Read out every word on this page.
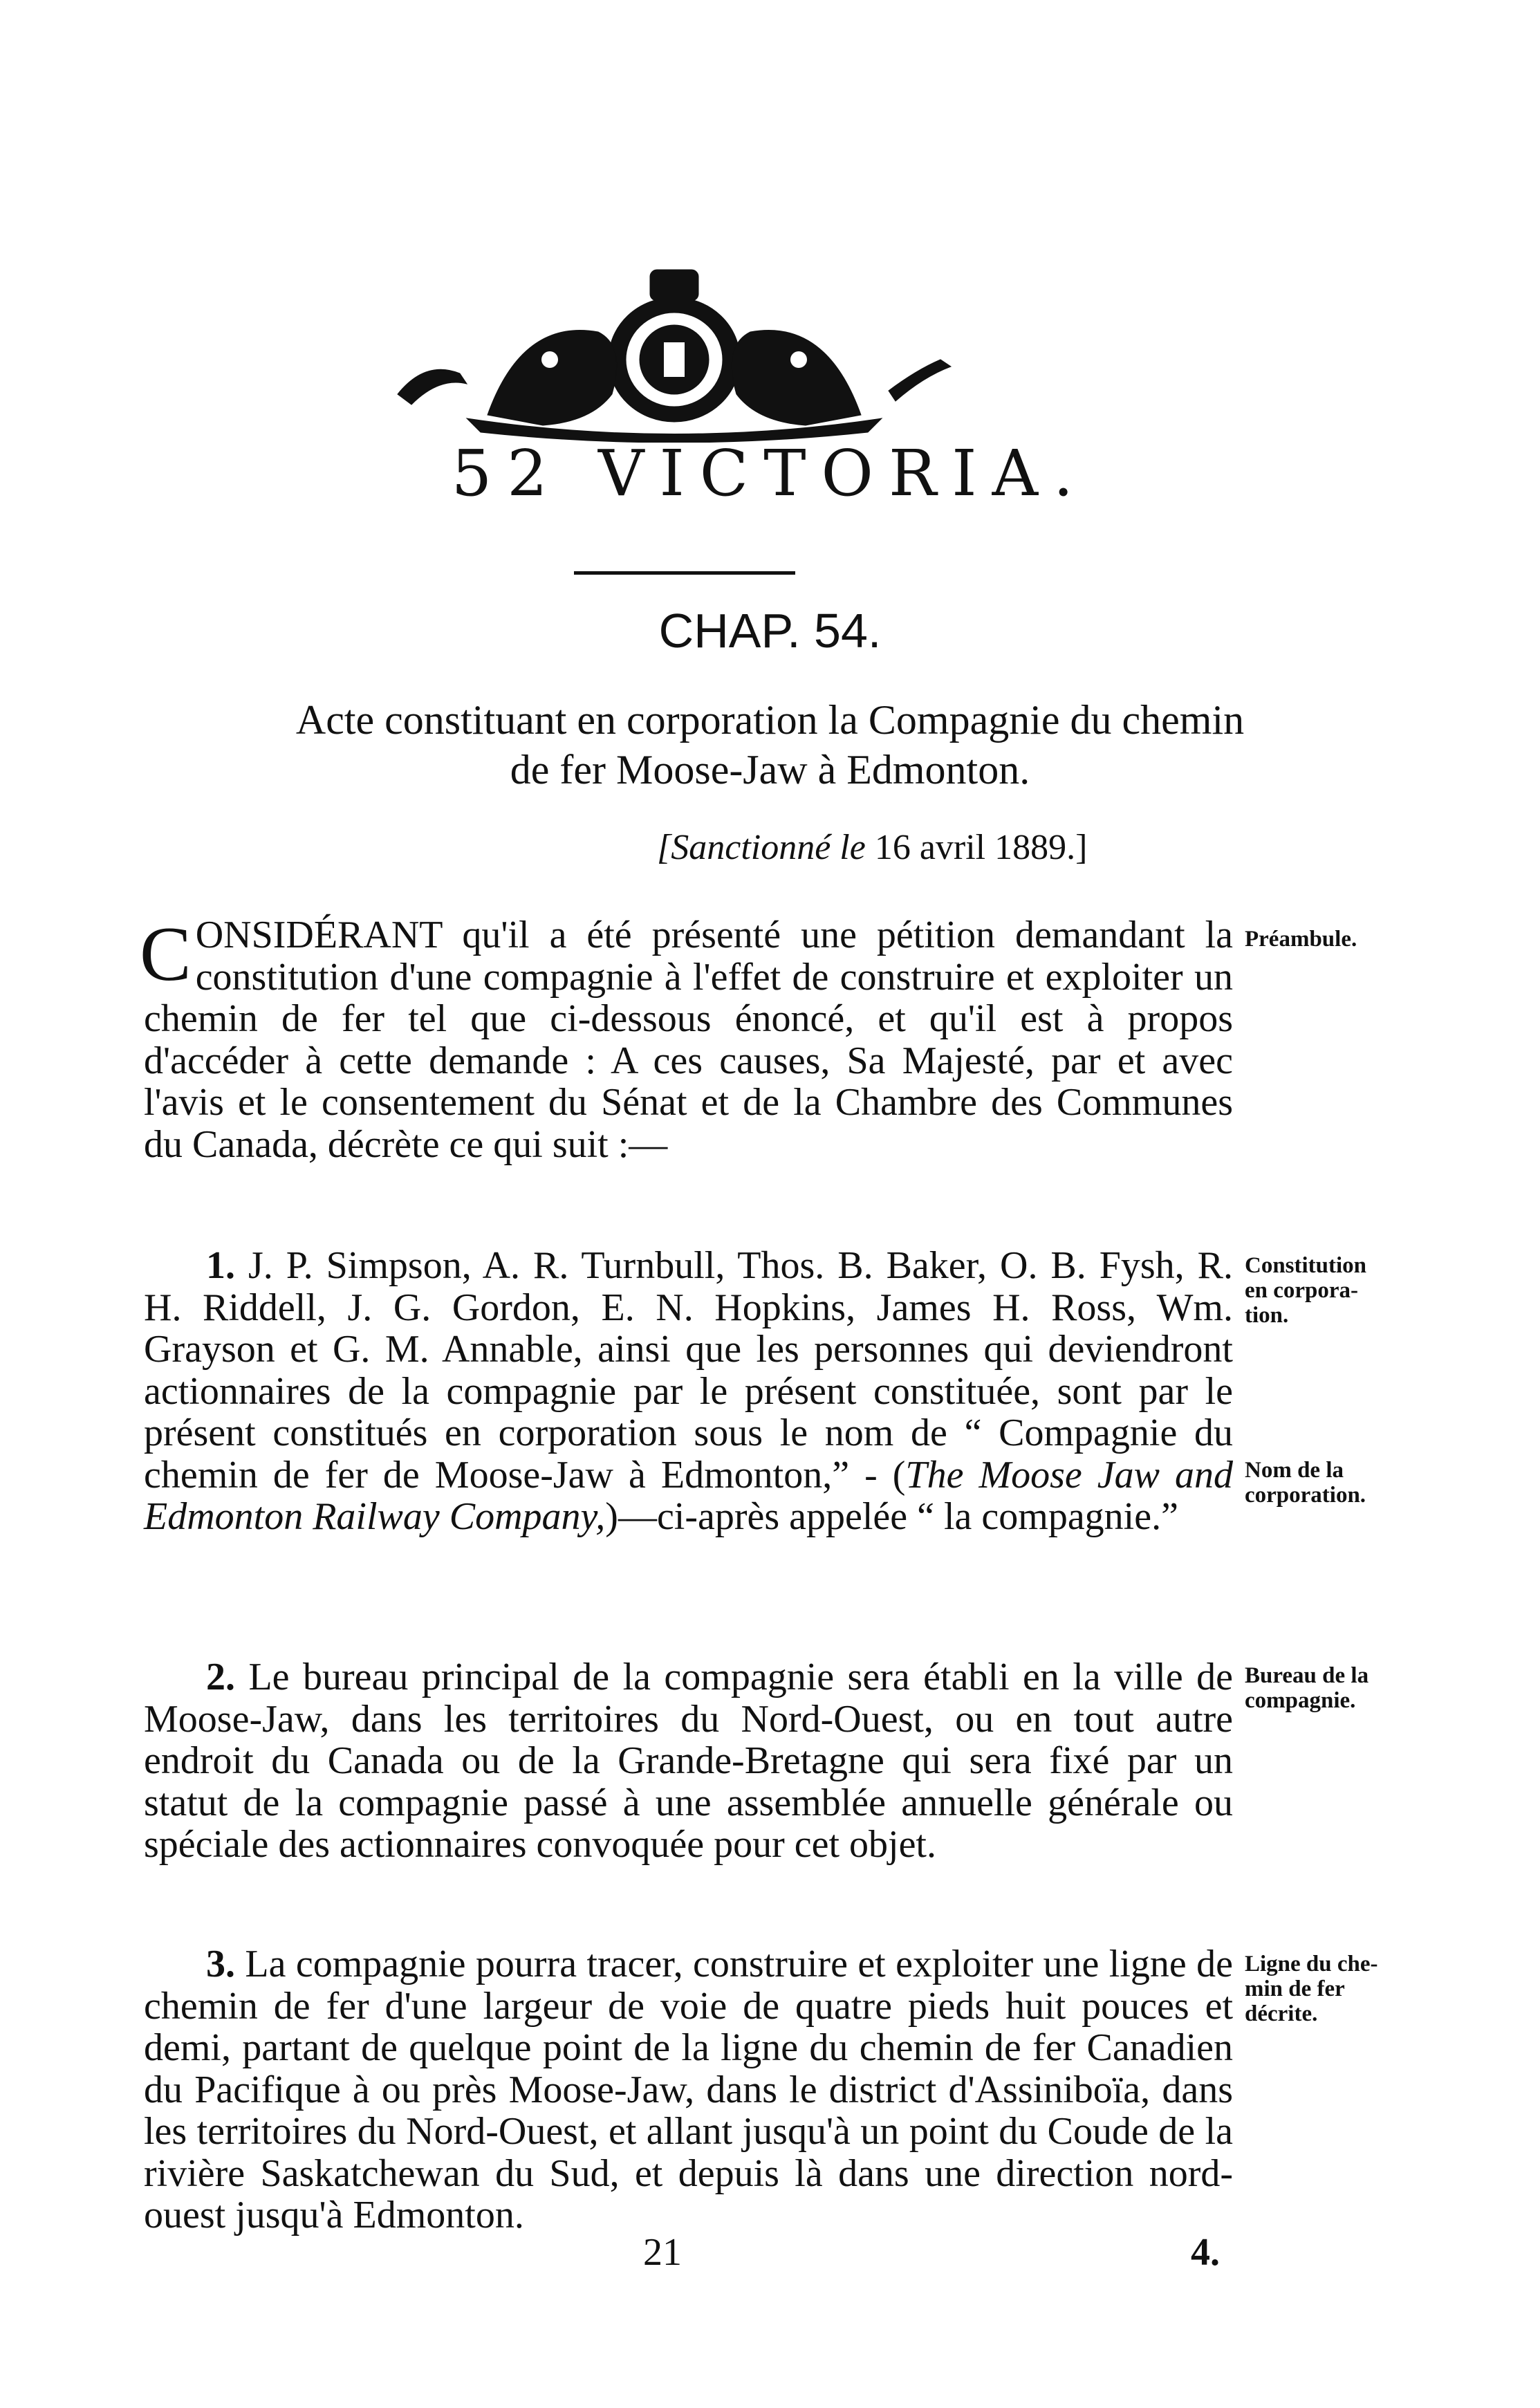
52 VICTORIA.
CHAP. 54.
Acte constituant en corporation la Compagnie du chemin
de fer Moose-Jaw à Edmonton.
[Sanctionné le 16 avril 1889.]

CONSIDÉRANT qu'il a été présenté une pétition demandant la constitution d'une compagnie à l'effet de construire et exploiter un chemin de fer tel que ci-dessous énoncé, et qu'il est à propos d'accéder à cette demande : A ces causes, Sa Majesté, par et avec l'avis et le consentement du Sénat et de la Chambre des Communes du Canada, décrète ce qui suit :—

Préambule.

1. J. P. Simpson, A. R. Turnbull, Thos. B. Baker, O. B. Fysh, R. H. Riddell, J. G. Gordon, E. N. Hopkins, James H. Ross, Wm. Grayson et G. M. Annable, ainsi que les personnes qui deviendront actionnaires de la compagnie par le présent constituée, sont par le présent constitués en corporation sous le nom de “ Compagnie du chemin de fer de Moose-Jaw à Edmonton,” - (The Moose Jaw and Edmonton Railway Company,)—ci-après appelée “ la compagnie.”

Constitution
en corpora-
tion.
Nom de la
corporation.

2. Le bureau principal de la compagnie sera établi en la ville de Moose-Jaw, dans les territoires du Nord-Ouest, ou en tout autre endroit du Canada ou de la Grande-Bretagne qui sera fixé par un statut de la compagnie passé à une assemblée annuelle générale ou spéciale des actionnaires convoquée pour cet objet.

Bureau de la
compagnie.

3. La compagnie pourra tracer, construire et exploiter une ligne de chemin de fer d'une largeur de voie de quatre pieds huit pouces et demi, partant de quelque point de la ligne du chemin de fer Canadien du Pacifique à ou près Moose-Jaw, dans le district d'Assiniboïa, dans les territoires du Nord-Ouest, et allant jusqu'à un point du Coude de la rivière Saskatchewan du Sud, et depuis là dans une direction nord-ouest jusqu'à Edmonton.

Ligne du che-
min de fer
décrite.
21	4.
